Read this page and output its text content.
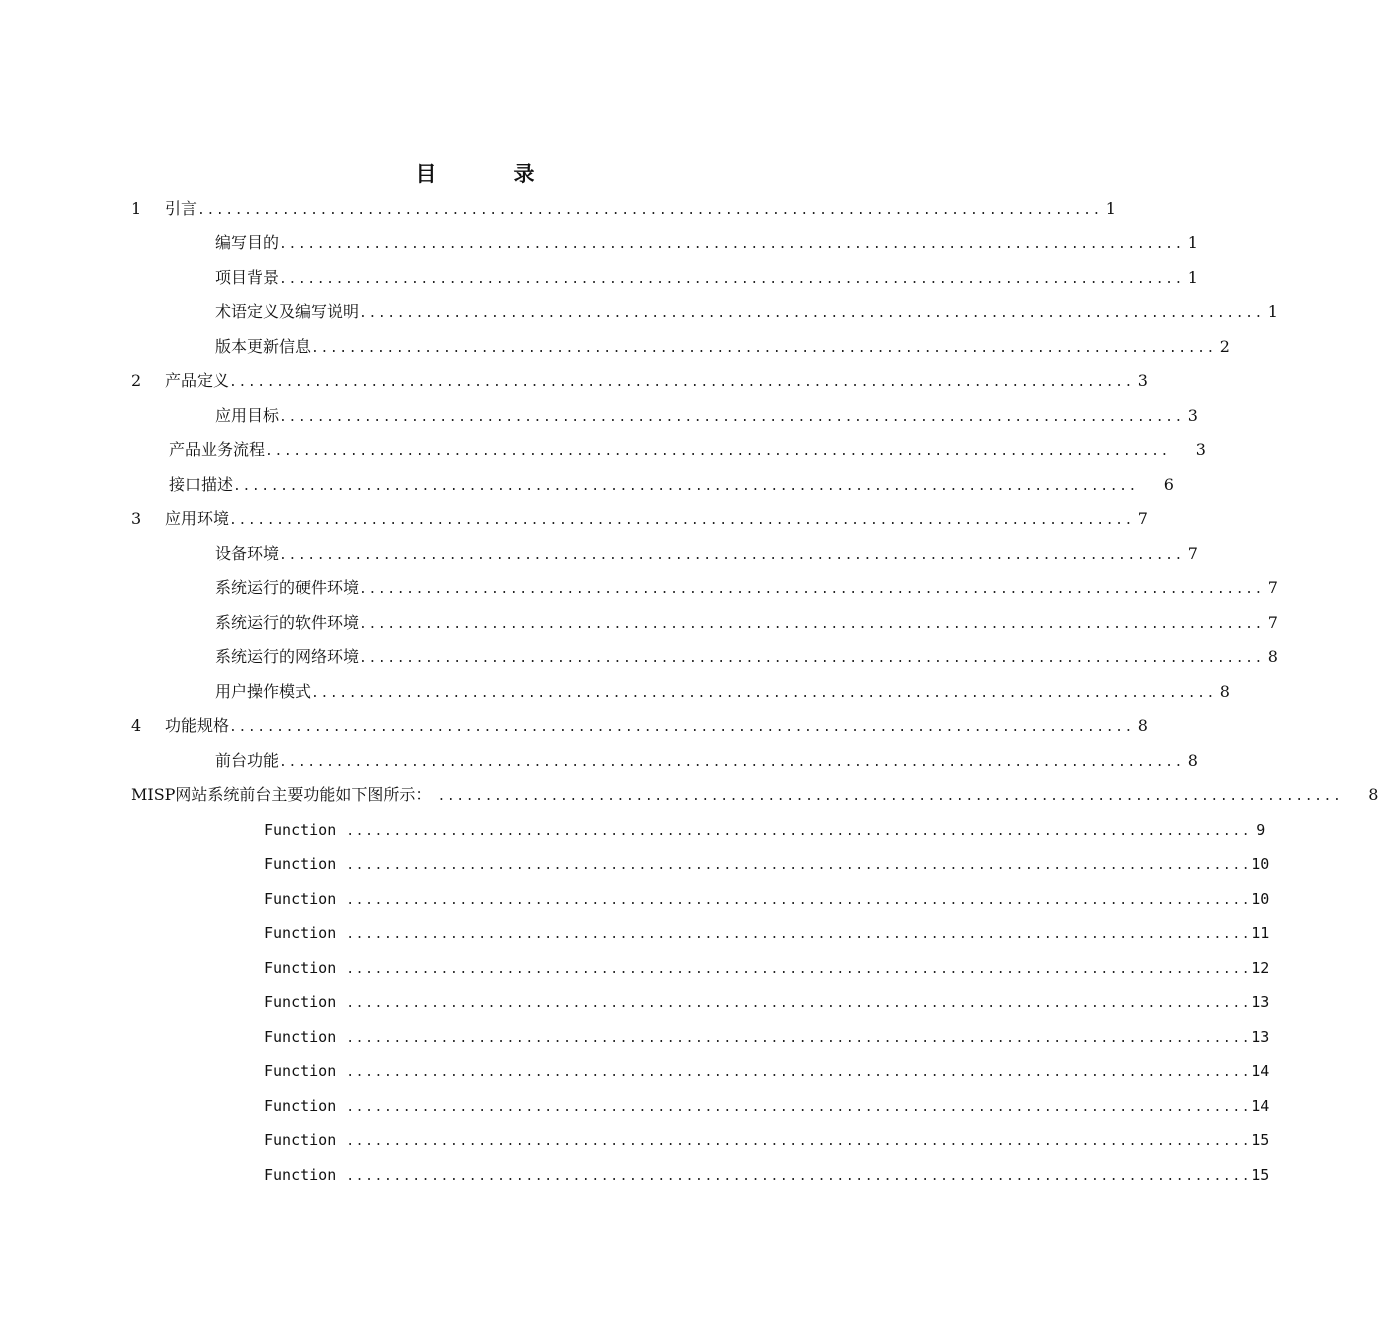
目　录
1	引言 ................................................................................................ 1
编写目的 ................................................................................................ 1
项目背景 ................................................................................................ 1
术语定义及编写说明 ................................................................................................ 1
版本更新信息 ................................................................................................ 2
2	产品定义 ................................................................................................ 3
应用目标 ................................................................................................ 3
产品业务流程 ................................................................................................	3
接口描述 ................................................................................................	6
3	应用环境 ................................................................................................ 7
设备环境 ................................................................................................ 7
系统运行的硬件环境 ................................................................................................ 7
系统运行的软件环境 ................................................................................................ 7
系统运行的网络环境 ................................................................................................ 8
用户操作模式 ................................................................................................ 8
4	功能规格 ................................................................................................ 8
前台功能 ................................................................................................ 8
MISP网站系统前台主要功能如下图所示： ................................................................................................	8
Function ................................................................................................ 9
Function ................................................................................................ 10
Function ................................................................................................ 10
Function ................................................................................................ 11
Function ................................................................................................ 12
Function ................................................................................................ 13
Function ................................................................................................ 13
Function ................................................................................................ 14
Function ................................................................................................ 14
Function ................................................................................................ 15
Function ................................................................................................ 15
